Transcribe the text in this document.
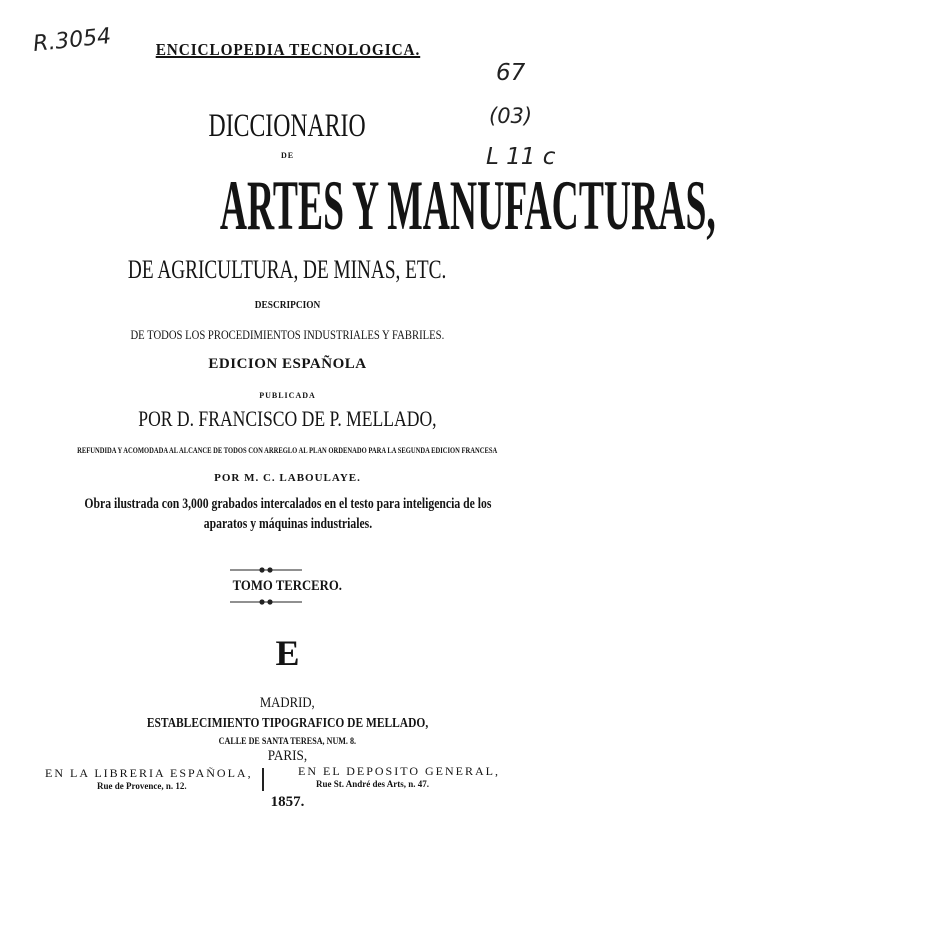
R.3054
67
(03)
L 11 c
ENCICLOPEDIA TECNOLOGICA.
DICCIONARIO
DE
ARTES Y MANUFACTURAS,
DE AGRICULTURA, DE MINAS, ETC.
DESCRIPCION
DE TODOS LOS PROCEDIMIENTOS INDUSTRIALES Y FABRILES.
EDICION ESPAÑOLA
PUBLICADA
POR D. FRANCISCO DE P. MELLADO,
REFUNDIDA Y ACOMODADA AL ALCANCE DE TODOS CON ARREGLO AL PLAN ORDENADO PARA LA SEGUNDA EDICION FRANCESA
POR M. C. LABOULAYE.
Obra ilustrada con 3,000 grabados intercalados en el testo para inteligencia de los
aparatos y máquinas industriales.
TOMO TERCERO.
E
MADRID,
ESTABLECIMIENTO TIPOGRAFICO DE MELLADO,
CALLE DE SANTA TERESA, NUM. 8.
PARIS,
EN LA LIBRERIA ESPAÑOLA,
Rue de Provence, n. 12.
EN EL DEPOSITO GENERAL,
Rue St. André des Arts, n. 47.
1857.
